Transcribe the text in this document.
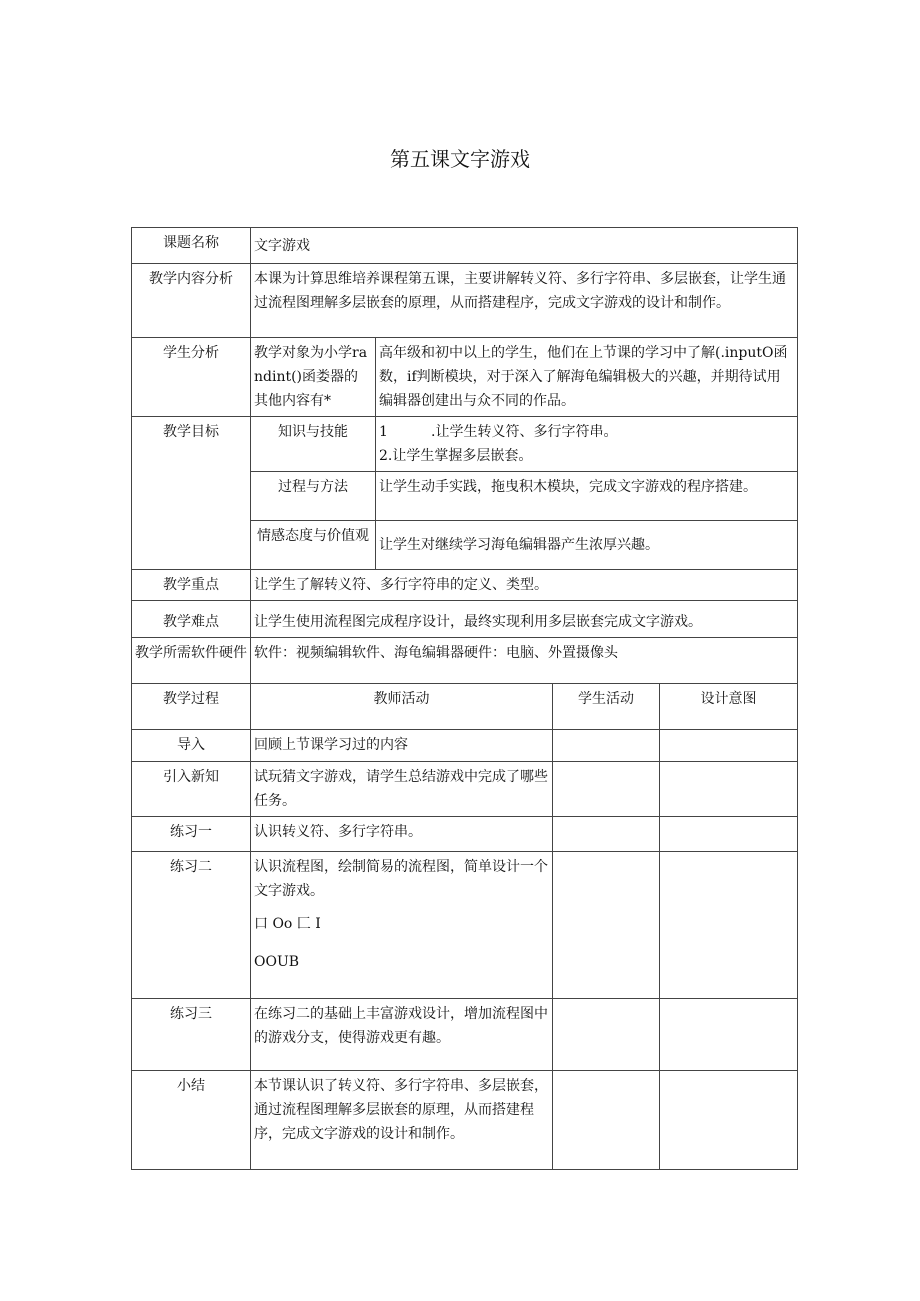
第五课文字游戏
课题名称	文字游戏			
教学内容分析	本课为计算思维培养课程第五课，主要讲解转义符、多行字符串、多层嵌套，让学生通过流程图理解多层嵌套的原理，从而搭建程序，完成文字游戏的设计和制作。			
学生分析	教学对象为小学randint()函娄器的其他内容有*	高年级和初中以上的学生，他们在上节课的学习中了解(.inputO函数，if判断模块，对于深入了解海龟编辑极大的兴趣，并期待试用编辑器创建出与众不同的作品。		
教学目标	知识与技能	1 .让学生转义符、多行字符串。
2.让学生掌握多层嵌套。		

	过程与方法	让学生动手实践，拖曳积木模块，完成文字游戏的程序搭建。		
	情感态度与价值观	让学生对继续学习海龟编辑器产生浓厚兴趣。		
教学重点	让学生了解转义符、多行字符串的定义、类型。			
教学难点	让学生使用流程图完成程序设计，最终实现利用多层嵌套完成文字游戏。			
教学所需软件硬件	软件：视频编辑软件、海龟编辑器硬件：电脑、外置摄像头			
教学过程	教师活动		学生活动	设计意图
导入	回顾上节课学习过的内容			
引入新知	试玩猜文字游戏，请学生总结游戏中完成了哪些任务。			
练习一	认识转义符、多行字符串。			
练习二	认识流程图，绘制简易的流程图，简单设计一个文字游戏。
口 Oo 匚 I
OOUB			

练习三	在练习二的基础上丰富游戏设计，增加流程图中的游戏分支，使得游戏更有趣。			
小结	本节课认识了转义符、多行字符串、多层嵌套，通过流程图理解多层嵌套的原理，从而搭建程序，完成文字游戏的设计和制作。			
